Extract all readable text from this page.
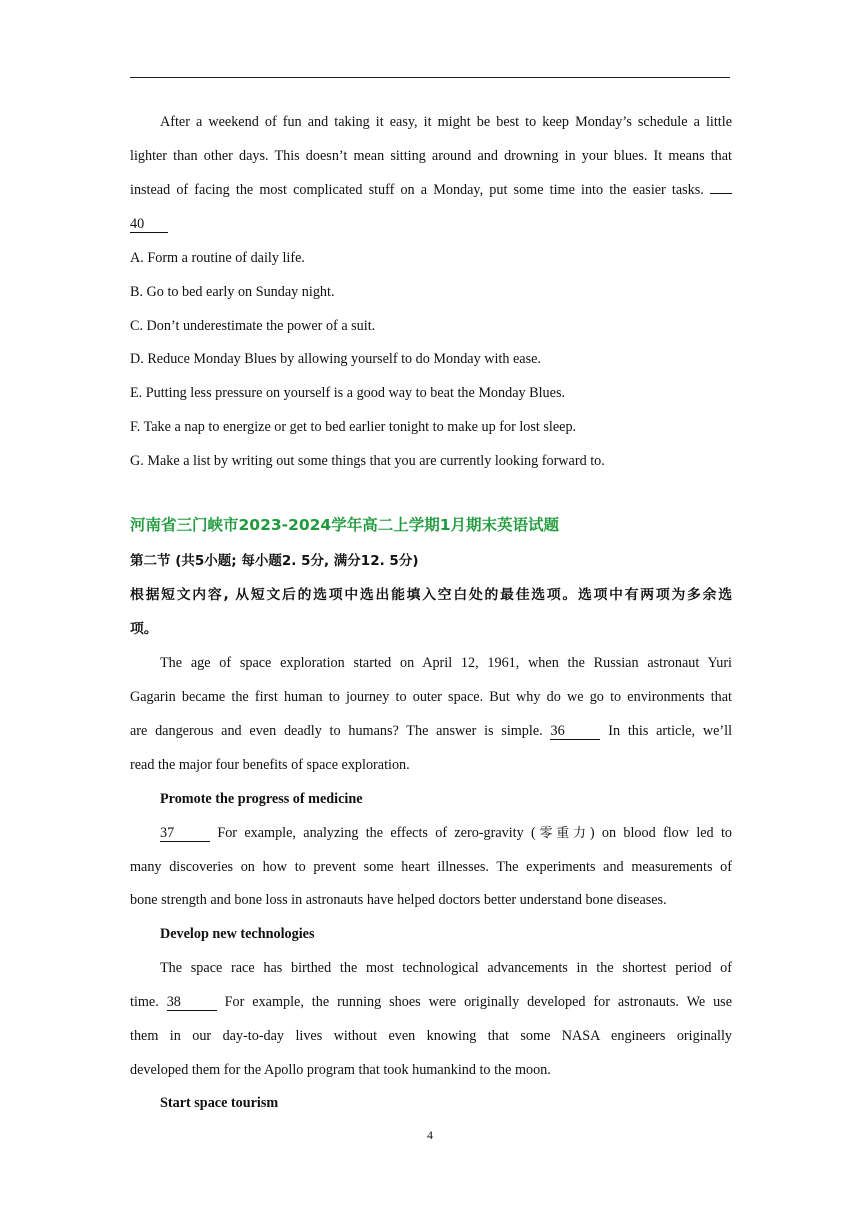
After a weekend of fun and taking it easy, it might be best to keep Monday’s schedule a little
lighter than other days. This doesn’t mean sitting around and drowning in your blues. It means that
instead of facing the most complicated stuff on a Monday, put some time into the easier tasks.
40
A. Form a routine of daily life.
B. Go to bed early on Sunday night.
C. Don’t underestimate the power of a suit.
D. Reduce Monday Blues by allowing yourself to do Monday with ease.
E. Putting less pressure on yourself is a good way to beat the Monday Blues.
F. Take a nap to energize or get to bed earlier tonight to make up for lost sleep.
G. Make a list by writing out some things that you are currently looking forward to.
河南省三门峡市2023-2024学年高二上学期1月期末英语试题
第二节 (共5小题; 每小题2. 5分, 满分12. 5分)
根据短文内容, 从短文后的选项中选出能填入空白处的最佳选项。选项中有两项为多余选
项。
The age of space exploration started on April 12, 1961, when the Russian astronaut Yuri
Gagarin became the first human to journey to outer space. But why do we go to environments that
are dangerous and even deadly to humans? The answer is simple. 36	In this article, we’ll
read the major four benefits of space exploration.
Promote the progress of medicine
37	For example, analyzing the effects of zero-gravity (零重力) on blood flow led to
many discoveries on how to prevent some heart illnesses. The experiments and measurements of
bone strength and bone loss in astronauts have helped doctors better understand bone diseases.
Develop new technologies
The space race has birthed the most technological advancements in the shortest period of
time. 38	For example, the running shoes were originally developed for astronauts. We use
them in our day-to-day lives without even knowing that some NASA engineers originally
developed them for the Apollo program that took humankind to the moon.
Start space tourism
4
